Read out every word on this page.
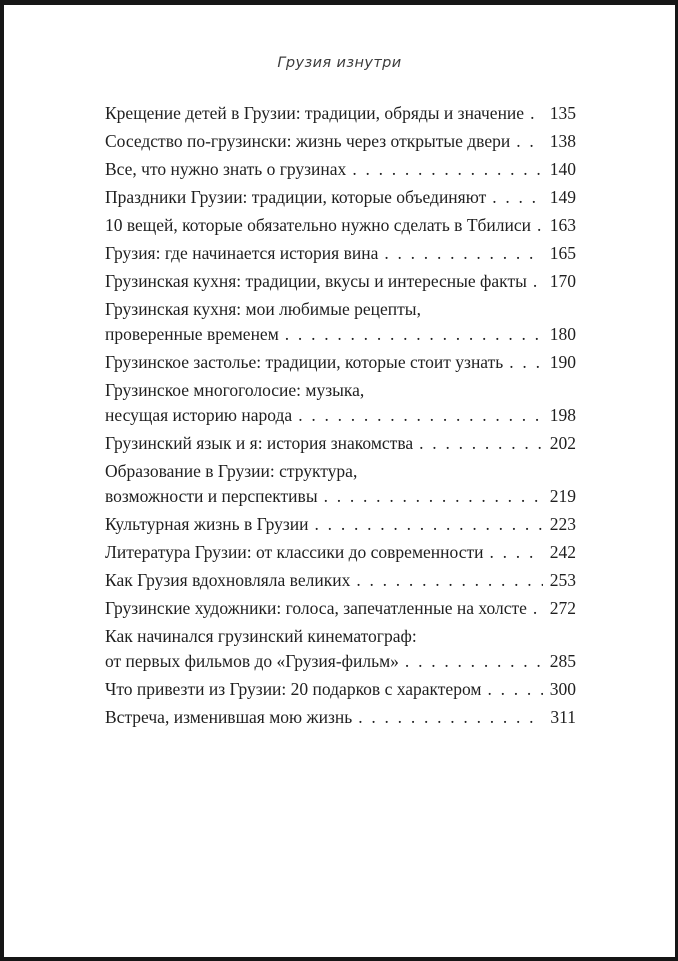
Грузия изнутри
Крещение детей в Грузии: традиции, обряды и значение . . . 135
Соседство по-грузински: жизнь через открытые двери . . . 138
Все, что нужно знать о грузинах . . .	140
Праздники Грузии: традиции, которые объединяют . . .	149
10 вещей, которые обязательно нужно сделать в Тбилиси . . . 163
Грузия: где начинается история вина . . .	165
Грузинская кухня: традиции, вкусы и интересные факты . . . 170
Грузинская кухня: мои любимые рецепты,
проверенные временем . . .	180
Грузинское застолье: традиции, которые стоит узнать . . .	190
Грузинское многоголосие: музыка,
несущая историю народа . . .	198
Грузинский язык и я: история знакомства . . .	202
Образование в Грузии: структура,
возможности и перспективы . . .	219
Культурная жизнь в Грузии . . .	223
Литература Грузии: от классики до современности . . .	242
Как Грузия вдохновляла великих . . .	253
Грузинские художники: голоса, запечатленные на холсте . . . 272
Как начинался грузинский кинематограф:
от первых фильмов до «Грузия-фильм» . . .	285
Что привезти из Грузии: 20 подарков с характером . . .	300
Встреча, изменившая мою жизнь . . .	311
